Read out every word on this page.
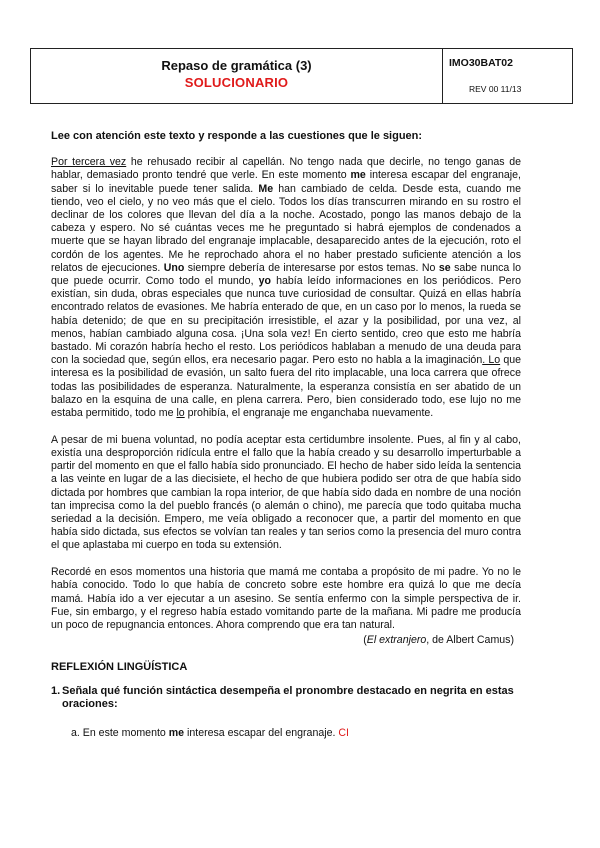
Repaso de gramática (3)
SOLUCIONARIO
IMO30BAT02
REV 00 11/13

Lee con atención este texto y responde a las cuestiones que le siguen:

Por tercera vez he rehusado recibir al capellán. No tengo nada que decirle, no tengo ganas de hablar, demasiado pronto tendré que verle. En este momento me interesa escapar del engranaje, saber si lo inevitable puede tener salida. Me han cambiado de celda. Desde esta, cuando me tiendo, veo el cielo, y no veo más que el cielo. Todos los días transcurren mirando en su rostro el declinar de los colores que llevan del día a la noche. Acostado, pongo las manos debajo de la cabeza y espero. No sé cuántas veces me he preguntado si habrá ejemplos de condenados a muerte que se hayan librado del engranaje implacable, desaparecido antes de la ejecución, roto el cordón de los agentes. Me he reprochado ahora el no haber prestado suficiente atención a los relatos de ejecuciones. Uno siempre debería de interesarse por estos temas. No se sabe nunca lo que puede ocurrir. Como todo el mundo, yo había leído informaciones en los periódicos. Pero existían, sin duda, obras especiales que nunca tuve curiosidad de consultar. Quizá en ellas habría encontrado relatos de evasiones. Me habría enterado de que, en un caso por lo menos, la rueda se había detenido; de que en su precipitación irresistible, el azar y la posibilidad, por una vez, al menos, habían cambiado alguna cosa. ¡Una sola vez! En cierto sentido, creo que esto me habría bastado. Mi corazón habría hecho el resto. Los periódicos hablaban a menudo de una deuda para con la sociedad que, según ellos, era necesario pagar. Pero esto no habla a la imaginación. Lo que interesa es la posibilidad de evasión, un salto fuera del rito implacable, una loca carrera que ofrece todas las posibilidades de esperanza. Naturalmente, la esperanza consistía en ser abatido de un balazo en la esquina de una calle, en plena carrera. Pero, bien considerado todo, ese lujo no me estaba permitido, todo me lo prohibía, el engranaje me enganchaba nuevamente.

A pesar de mi buena voluntad, no podía aceptar esta certidumbre insolente. Pues, al fin y al cabo, existía una desproporción ridícula entre el fallo que la había creado y su desarrollo imperturbable a partir del momento en que el fallo había sido pronunciado. El hecho de haber sido leída la sentencia a las veinte en lugar de a las diecisiete, el hecho de que hubiera podido ser otra de que había sido dictada por hombres que cambian la ropa interior, de que había sido dada en nombre de una noción tan imprecisa como la del pueblo francés (o alemán o chino), me parecía que todo quitaba mucha seriedad a la decisión. Empero, me veía obligado a reconocer que, a partir del momento en que había sido dictada, sus efectos se volvían tan reales y tan serios como la presencia del muro contra el que aplastaba mi cuerpo en toda su extensión.

Recordé en esos momentos una historia que mamá me contaba a propósito de mi padre. Yo no le había conocido. Todo lo que había de concreto sobre este hombre era quizá lo que me decía mamá. Había ido a ver ejecutar a un asesino. Se sentía enfermo con la simple perspectiva de ir. Fue, sin embargo, y el regreso había estado vomitando parte de la mañana. Mi padre me producía un poco de repugnancia entonces. Ahora comprendo que era tan natural.

(El extranjero, de Albert Camus)

REFLEXIÓN LINGÜÍSTICA

1. Señala qué función sintáctica desempeña el pronombre destacado en negrita en estas oraciones:
a. En este momento me interesa escapar del engranaje. CI
